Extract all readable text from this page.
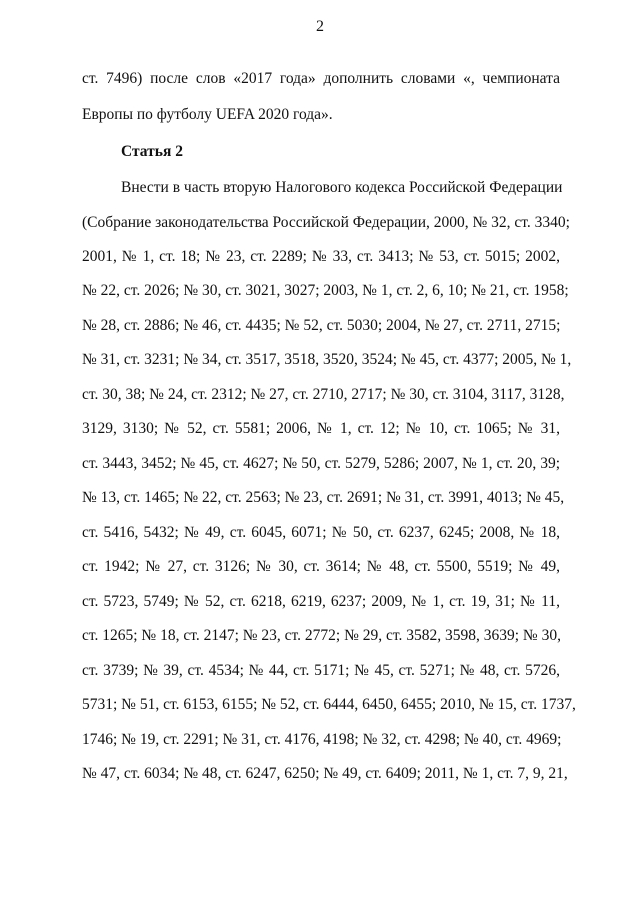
2
ст. 7496) после слов «2017 года» дополнить словами «, чемпионата
Европы по футболу UEFA 2020 года».
Статья 2
Внести в часть вторую Налогового кодекса Российской Федерации
(Собрание законодательства Российской Федерации, 2000, № 32, ст. 3340;
2001, № 1, ст. 18; № 23, ст. 2289; № 33, ст. 3413; № 53, ст. 5015; 2002,
№ 22, ст. 2026; № 30, ст. 3021, 3027; 2003, № 1, ст. 2, 6, 10; № 21, ст. 1958;
№ 28, ст. 2886; № 46, ст. 4435; № 52, ст. 5030; 2004, № 27, ст. 2711, 2715;
№ 31, ст. 3231; № 34, ст. 3517, 3518, 3520, 3524; № 45, ст. 4377; 2005, № 1,
ст. 30, 38; № 24, ст. 2312; № 27, ст. 2710, 2717; № 30, ст. 3104, 3117, 3128,
3129, 3130; № 52, ст. 5581; 2006, № 1, ст. 12; № 10, ст. 1065; № 31,
ст. 3443, 3452; № 45, ст. 4627; № 50, ст. 5279, 5286; 2007, № 1, ст. 20, 39;
№ 13, ст. 1465; № 22, ст. 2563; № 23, ст. 2691; № 31, ст. 3991, 4013; № 45,
ст. 5416, 5432; № 49, ст. 6045, 6071; № 50, ст. 6237, 6245; 2008, № 18,
ст. 1942; № 27, ст. 3126; № 30, ст. 3614; № 48, ст. 5500, 5519; № 49,
ст. 5723, 5749; № 52, ст. 6218, 6219, 6237; 2009, № 1, ст. 19, 31; № 11,
ст. 1265; № 18, ст. 2147; № 23, ст. 2772; № 29, ст. 3582, 3598, 3639; № 30,
ст. 3739; № 39, ст. 4534; № 44, ст. 5171; № 45, ст. 5271; № 48, ст. 5726,
5731; № 51, ст. 6153, 6155; № 52, ст. 6444, 6450, 6455; 2010, № 15, ст. 1737,
1746; № 19, ст. 2291; № 31, ст. 4176, 4198; № 32, ст. 4298; № 40, ст. 4969;
№ 47, ст. 6034; № 48, ст. 6247, 6250; № 49, ст. 6409; 2011, № 1, ст. 7, 9, 21,
